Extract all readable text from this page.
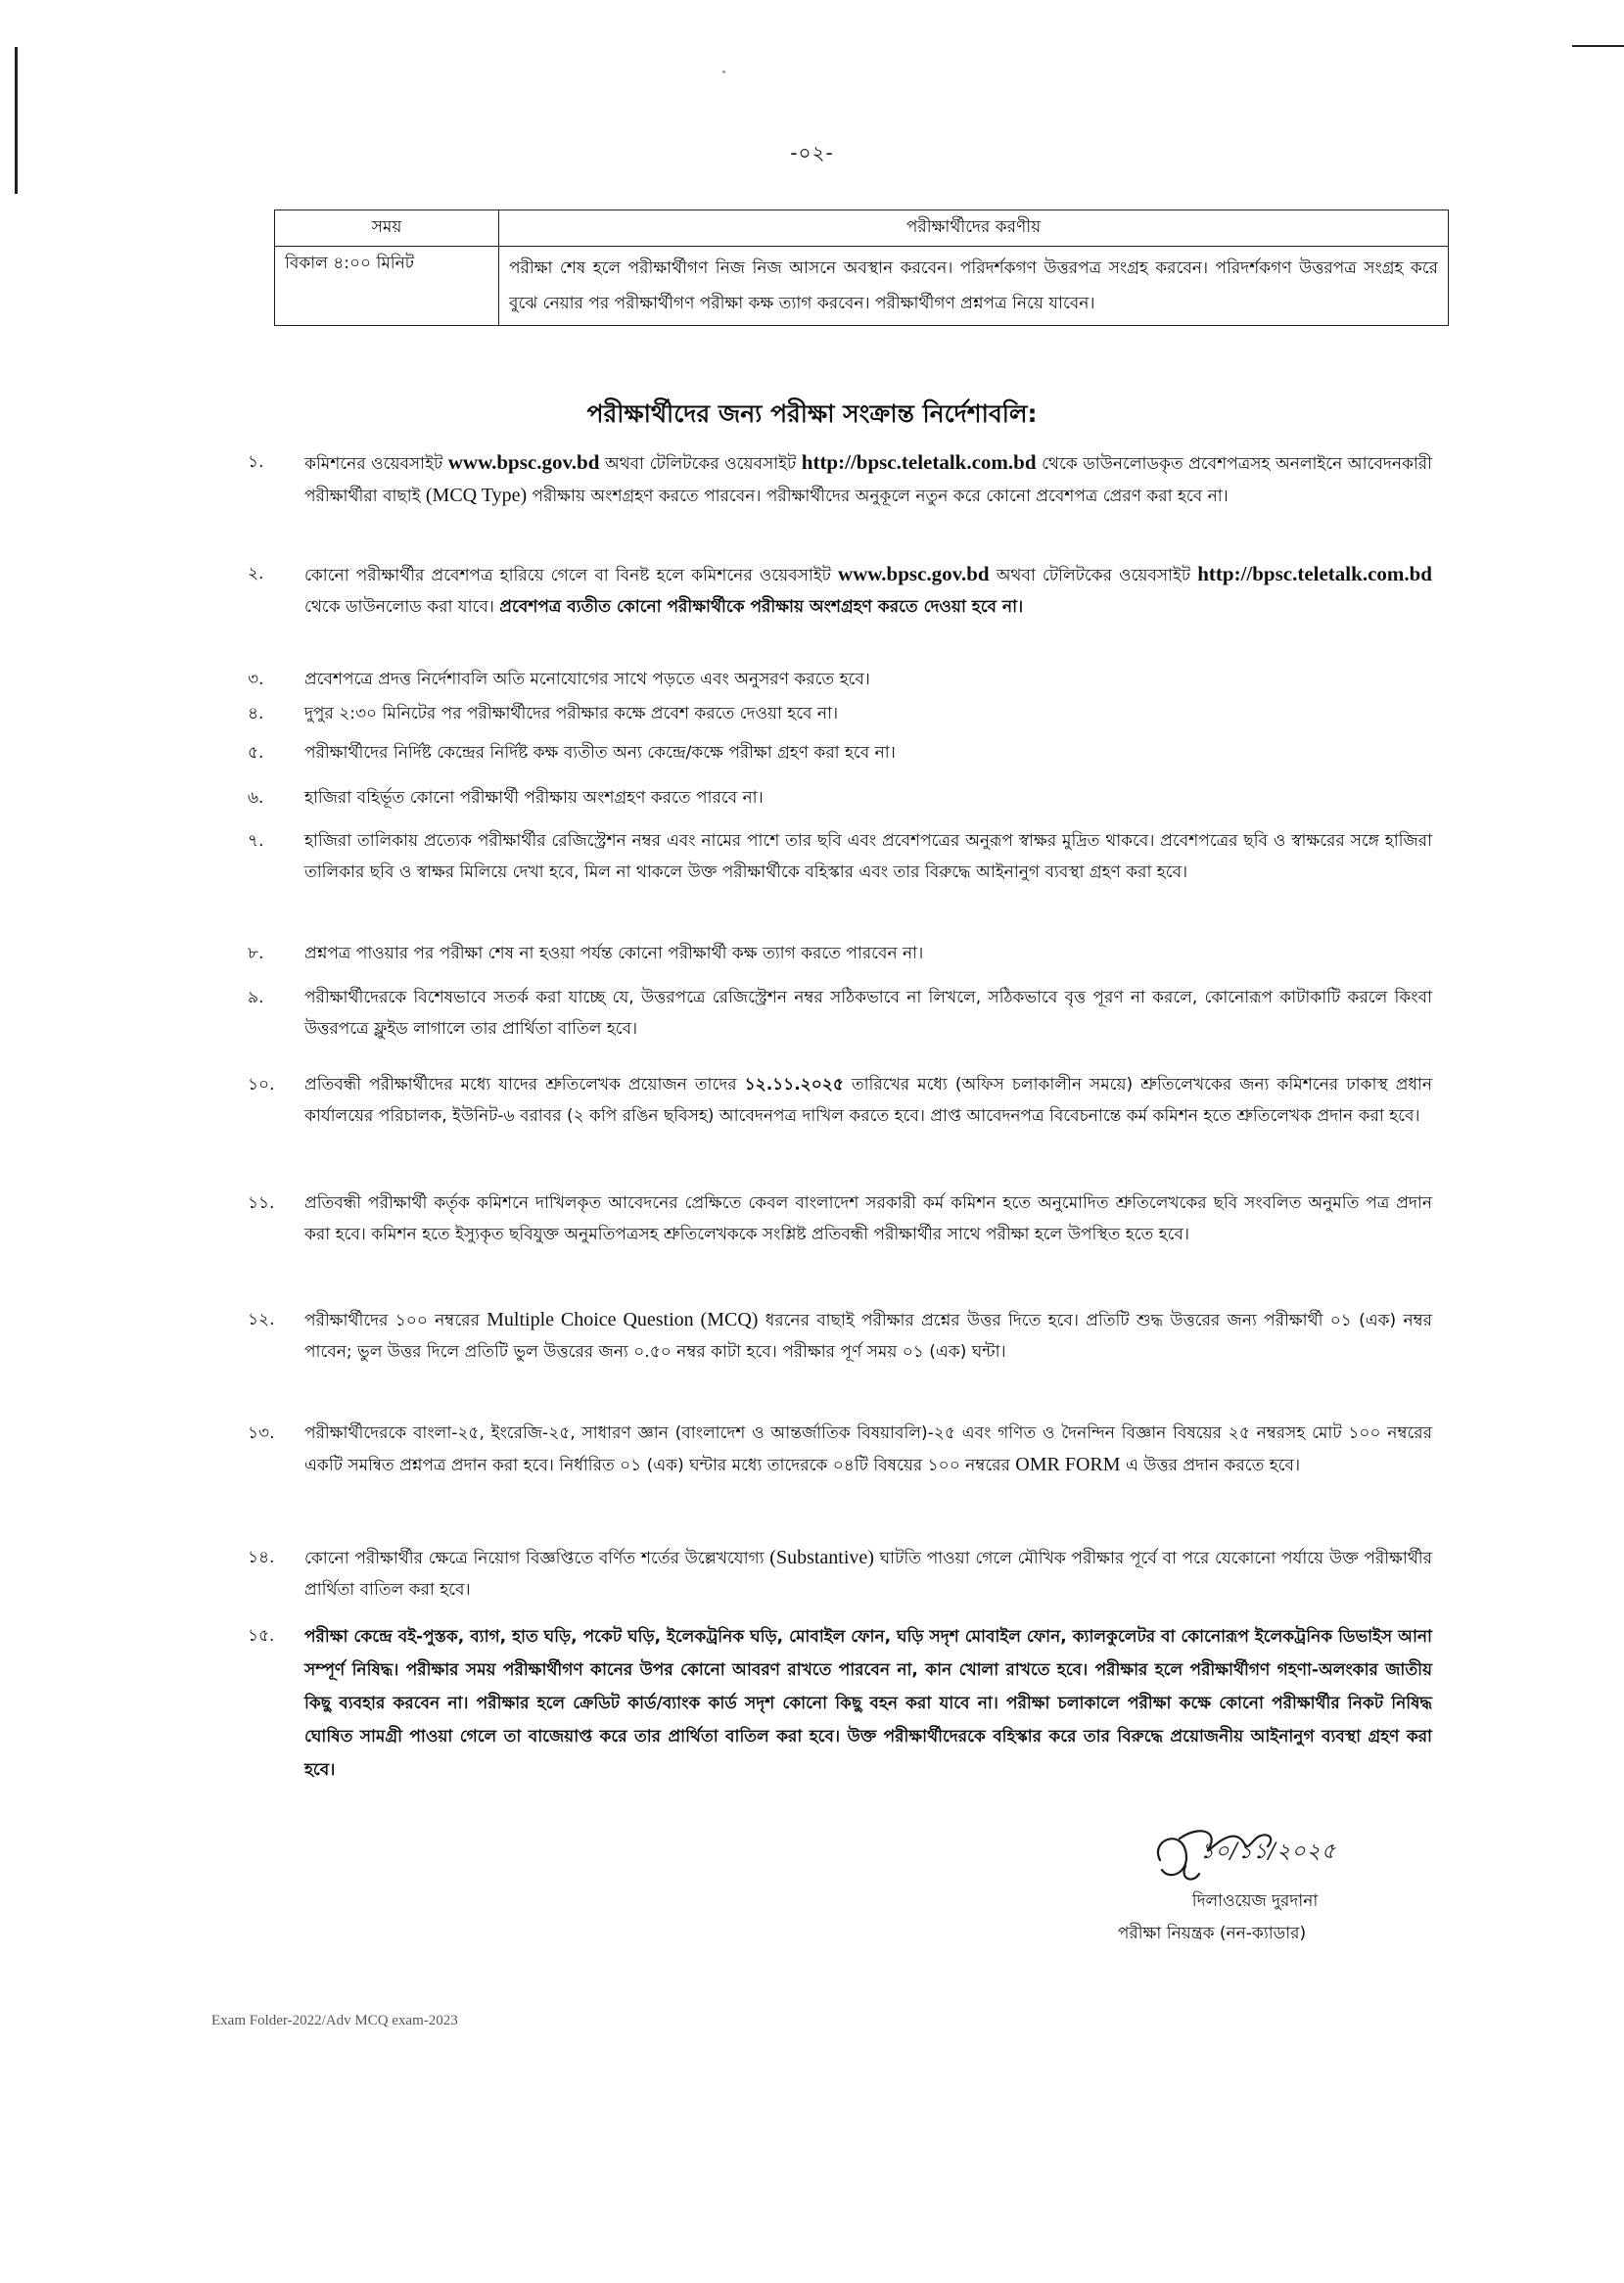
-০২-
সময়	পরীক্ষার্থীদের করণীয়
বিকাল ৪:০০ মিনিট	পরীক্ষা শেষ হলে পরীক্ষার্থীগণ নিজ নিজ আসনে অবস্থান করবেন। পরিদর্শকগণ উত্তরপত্র সংগ্রহ করবেন। পরিদর্শকগণ উত্তরপত্র সংগ্রহ করে বুঝে নেয়ার পর পরীক্ষার্থীগণ পরীক্ষা কক্ষ ত্যাগ করবেন। পরীক্ষার্থীগণ প্রশ্নপত্র নিয়ে যাবেন।
পরীক্ষার্থীদের জন্য পরীক্ষা সংক্রান্ত নির্দেশাবলি:
১.	কমিশনের ওয়েবসাইট www.bpsc.gov.bd অথবা টেলিটকের ওয়েবসাইট http://bpsc.teletalk.com.bd থেকে ডাউনলোডকৃত প্রবেশপত্রসহ অনলাইনে আবেদনকারী পরীক্ষার্থীরা বাছাই (MCQ Type) পরীক্ষায় অংশগ্রহণ করতে পারবেন। পরীক্ষার্থীদের অনুকূলে নতুন করে কোনো প্রবেশপত্র প্রেরণ করা হবে না।
২.	কোনো পরীক্ষার্থীর প্রবেশপত্র হারিয়ে গেলে বা বিনষ্ট হলে কমিশনের ওয়েবসাইট www.bpsc.gov.bd অথবা টেলিটকের ওয়েবসাইট http://bpsc.teletalk.com.bd থেকে ডাউনলোড করা যাবে। প্রবেশপত্র ব্যতীত কোনো পরীক্ষার্থীকে পরীক্ষায় অংশগ্রহণ করতে দেওয়া হবে না।
৩.	প্রবেশপত্রে প্রদত্ত নির্দেশাবলি অতি মনোযোগের সাথে পড়তে এবং অনুসরণ করতে হবে।
৪.	দুপুর ২:৩০ মিনিটের পর পরীক্ষার্থীদের পরীক্ষার কক্ষে প্রবেশ করতে দেওয়া হবে না।
৫.	পরীক্ষার্থীদের নির্দিষ্ট কেন্দ্রের নির্দিষ্ট কক্ষ ব্যতীত অন্য কেন্দ্রে/কক্ষে পরীক্ষা গ্রহণ করা হবে না।
৬.	হাজিরা বহির্ভূত কোনো পরীক্ষার্থী পরীক্ষায় অংশগ্রহণ করতে পারবে না।
৭.	হাজিরা তালিকায় প্রত্যেক পরীক্ষার্থীর রেজিস্ট্রেশন নম্বর এবং নামের পাশে তার ছবি এবং প্রবেশপত্রের অনুরূপ স্বাক্ষর মুদ্রিত থাকবে। প্রবেশপত্রের ছবি ও স্বাক্ষরের সঙ্গে হাজিরা তালিকার ছবি ও স্বাক্ষর মিলিয়ে দেখা হবে, মিল না থাকলে উক্ত পরীক্ষার্থীকে বহিস্কার এবং তার বিরুদ্ধে আইনানুগ ব্যবস্থা গ্রহণ করা হবে।
৮.	প্রশ্নপত্র পাওয়ার পর পরীক্ষা শেষ না হওয়া পর্যন্ত কোনো পরীক্ষার্থী কক্ষ ত্যাগ করতে পারবেন না।
৯.	পরীক্ষার্থীদেরকে বিশেষভাবে সতর্ক করা যাচ্ছে যে, উত্তরপত্রে রেজিস্ট্রেশন নম্বর সঠিকভাবে না লিখলে, সঠিকভাবে বৃত্ত পূরণ না করলে, কোনোরূপ কাটাকাটি করলে কিংবা উত্তরপত্রে ফ্লুইড লাগালে তার প্রার্থিতা বাতিল হবে।
১০.	প্রতিবন্ধী পরীক্ষার্থীদের মধ্যে যাদের শ্রুতিলেখক প্রয়োজন তাদের ১২.১১.২০২৫ তারিখের মধ্যে (অফিস চলাকালীন সময়ে) শ্রুতিলেখকের জন্য কমিশনের ঢাকাস্থ প্রধান কার্যালয়ের পরিচালক, ইউনিট-৬ বরাবর (২ কপি রঙিন ছবিসহ) আবেদনপত্র দাখিল করতে হবে। প্রাপ্ত আবেদনপত্র বিবেচনান্তে কর্ম কমিশন হতে শ্রুতিলেখক প্রদান করা হবে।
১১.	প্রতিবন্ধী পরীক্ষার্থী কর্তৃক কমিশনে দাখিলকৃত আবেদনের প্রেক্ষিতে কেবল বাংলাদেশ সরকারী কর্ম কমিশন হতে অনুমোদিত শ্রুতিলেখকের ছবি সংবলিত অনুমতি পত্র প্রদান করা হবে। কমিশন হতে ইস্যুকৃত ছবিযুক্ত অনুমতিপত্রসহ শ্রুতিলেখককে সংশ্লিষ্ট প্রতিবন্ধী পরীক্ষার্থীর সাথে পরীক্ষা হলে উপস্থিত হতে হবে।
১২.	পরীক্ষার্থীদের ১০০ নম্বরের Multiple Choice Question (MCQ) ধরনের বাছাই পরীক্ষার প্রশ্নের উত্তর দিতে হবে। প্রতিটি শুদ্ধ উত্তরের জন্য পরীক্ষার্থী ০১ (এক) নম্বর পাবেন; ভুল উত্তর দিলে প্রতিটি ভুল উত্তরের জন্য ০.৫০ নম্বর কাটা হবে। পরীক্ষার পূর্ণ সময় ০১ (এক) ঘন্টা।
১৩.	পরীক্ষার্থীদেরকে বাংলা-২৫, ইংরেজি-২৫, সাধারণ জ্ঞান (বাংলাদেশ ও আন্তর্জাতিক বিষয়াবলি)-২৫ এবং গণিত ও দৈনন্দিন বিজ্ঞান বিষয়ের ২৫ নম্বরসহ মোট ১০০ নম্বরের একটি সমন্বিত প্রশ্নপত্র প্রদান করা হবে। নির্ধারিত ০১ (এক) ঘন্টার মধ্যে তাদেরকে ০৪টি বিষয়ের ১০০ নম্বরের OMR FORM এ উত্তর প্রদান করতে হবে।
১৪.	কোনো পরীক্ষার্থীর ক্ষেত্রে নিয়োগ বিজ্ঞপ্তিতে বর্ণিত শর্তের উল্লেখযোগ্য (Substantive) ঘাটতি পাওয়া গেলে মৌখিক পরীক্ষার পূর্বে বা পরে যেকোনো পর্যায়ে উক্ত পরীক্ষার্থীর প্রার্থিতা বাতিল করা হবে।
১৫.	পরীক্ষা কেন্দ্রে বই-পুস্তক, ব্যাগ, হাত ঘড়ি, পকেট ঘড়ি, ইলেকট্রনিক ঘড়ি, মোবাইল ফোন, ঘড়ি সদৃশ মোবাইল ফোন, ক্যালকুলেটর বা কোনোরূপ ইলেকট্রনিক ডিভাইস আনা সম্পূর্ণ নিষিদ্ধ। পরীক্ষার সময় পরীক্ষার্থীগণ কানের উপর কোনো আবরণ রাখতে পারবেন না, কান খোলা রাখতে হবে। পরীক্ষার হলে পরীক্ষার্থীগণ গহণা-অলংকার জাতীয় কিছু ব্যবহার করবেন না। পরীক্ষার হলে ক্রেডিট কার্ড/ব্যাংক কার্ড সদৃশ কোনো কিছু বহন করা যাবে না। পরীক্ষা চলাকালে পরীক্ষা কক্ষে কোনো পরীক্ষার্থীর নিকট নিষিদ্ধ ঘোষিত সামগ্রী পাওয়া গেলে তা বাজেয়াপ্ত করে তার প্রার্থিতা বাতিল করা হবে। উক্ত পরীক্ষার্থীদেরকে বহিস্কার করে তার বিরুদ্ধে প্রয়োজনীয় আইনানুগ ব্যবস্থা গ্রহণ করা হবে।
১০/১১/২০২৫
দিলাওয়েজ দুরদানা
পরীক্ষা নিয়ন্ত্রক (নন-ক্যাডার)
Exam Folder-2022/Adv MCQ exam-2023
